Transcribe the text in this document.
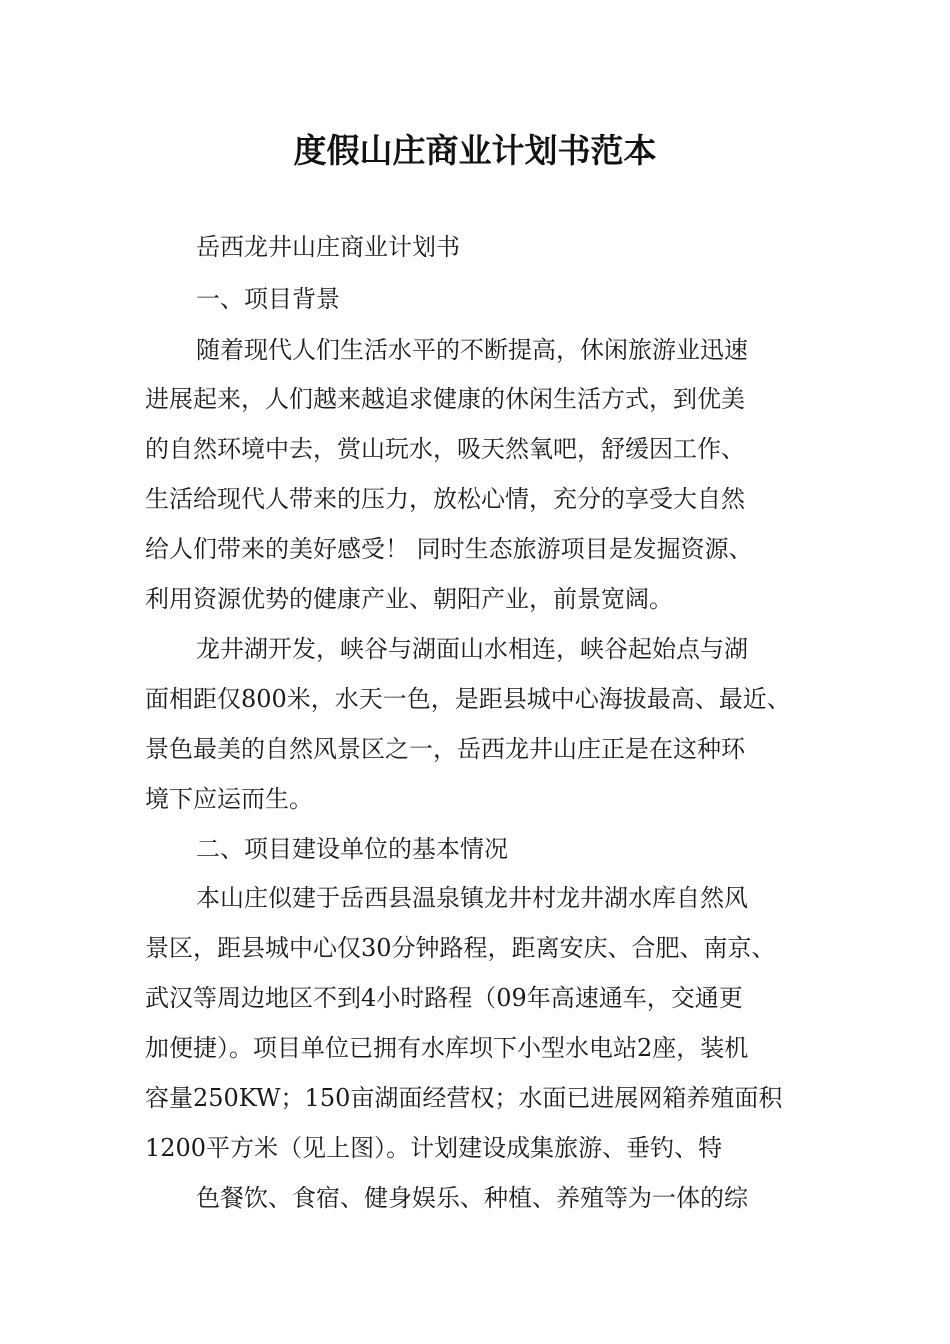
度假山庄商业计划书范本

岳西龙井山庄商业计划书

一、项目背景

随着现代人们生活水平的不断提高，休闲旅游业迅速

进展起来，人们越来越追求健康的休闲生活方式，到优美

的自然环境中去，赏山玩水，吸天然氧吧，舒缓因工作、

生活给现代人带来的压力，放松心情，充分的享受大自然

给人们带来的美好感受！ 同时生态旅游项目是发掘资源、

利用资源优势的健康产业、朝阳产业，前景宽阔。

龙井湖开发，峡谷与湖面山水相连，峡谷起始点与湖

面相距仅800米，水天一色，是距县城中心海拔最高、最近、

景色最美的自然风景区之一，岳西龙井山庄正是在这种环

境下应运而生。

二、项目建设单位的基本情况

本山庄似建于岳西县温泉镇龙井村龙井湖水库自然风

景区，距县城中心仅30分钟路程，距离安庆、合肥、南京、

武汉等周边地区不到4小时路程（09年高速通车，交通更

加便捷）。项目单位已拥有水库坝下小型水电站2座，装机

容量250KW；150亩湖面经营权；水面已进展网箱养殖面积

1200平方米（见上图）。计划建设成集旅游、垂钓、特

色餐饮、食宿、健身娱乐、种植、养殖等为一体的综
